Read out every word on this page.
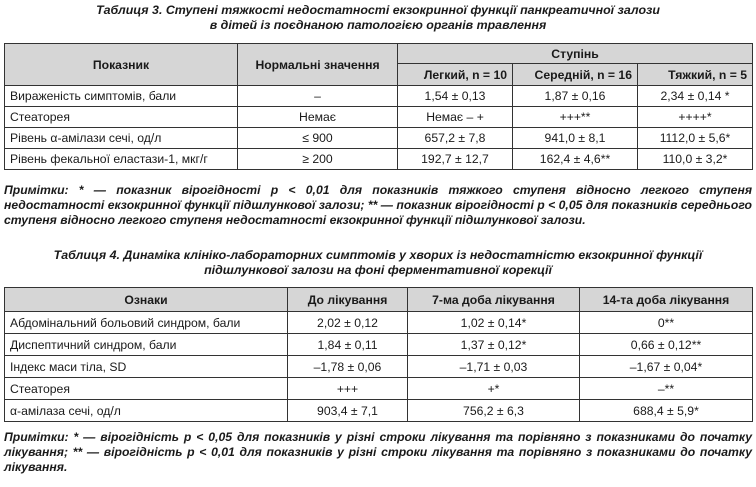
Таблиця 3. Ступені тяжкості недостатності екзокринної функції панкреатичної залози
в дітей із поєднаною патологією органів травлення
Показник	Нормальні значення	Ступінь		
		Легкий, n = 10	Середній, n = 16	Тяжкий, n = 5
Вираженість симптомів, бали	–	1,54 ± 0,13	1,87 ± 0,16	2,34 ± 0,14 *
Стеаторея	Немає	Немає – +	+++**	++++*
Рівень α-амілази сечі, од/л	≤ 900	657,2 ± 7,8	941,0 ± 8,1	1112,0 ± 5,6*
Рівень фекальної еластази-1, мкг/г	≥ 200	192,7 ± 12,7	162,4 ± 4,6**	110,0 ± 3,2*
Примітки: * — показник вірогідності p < 0,01 для показників тяжкого ступеня відносно легкого ступеня недостатності екзокринної функції підшлункової залози; ** — показник вірогідності p < 0,05 для показників середнього ступеня відносно легкого ступеня недостатності екзокринної функції підшлункової залози.
Таблиця 4. Динаміка клініко-лабораторних симптомів у хворих із недостатністю екзокринної функції
підшлункової залози на фоні ферментативної корекції
Ознаки	До лікування	7-ма доба лікування	14-та доба лікування
Абдомінальний больовий синдром, бали	2,02 ± 0,12	1,02 ± 0,14*	0**
Диспептичний синдром, бали	1,84 ± 0,11	1,37 ± 0,12*	0,66 ± 0,12**
Індекс маси тіла, SD	–1,78 ± 0,06	–1,71 ± 0,03	–1,67 ± 0,04*
Стеаторея	+++	+*	–**
α-амілаза сечі, од/л	903,4 ± 7,1	756,2 ± 6,3	688,4 ± 5,9*
Примітки: * — вірогідність p < 0,05 для показників у різні строки лікування та порівняно з показниками до початку лікування; ** — вірогідність p < 0,01 для показників у різні строки лікування та порівняно з показниками до початку лікування.
